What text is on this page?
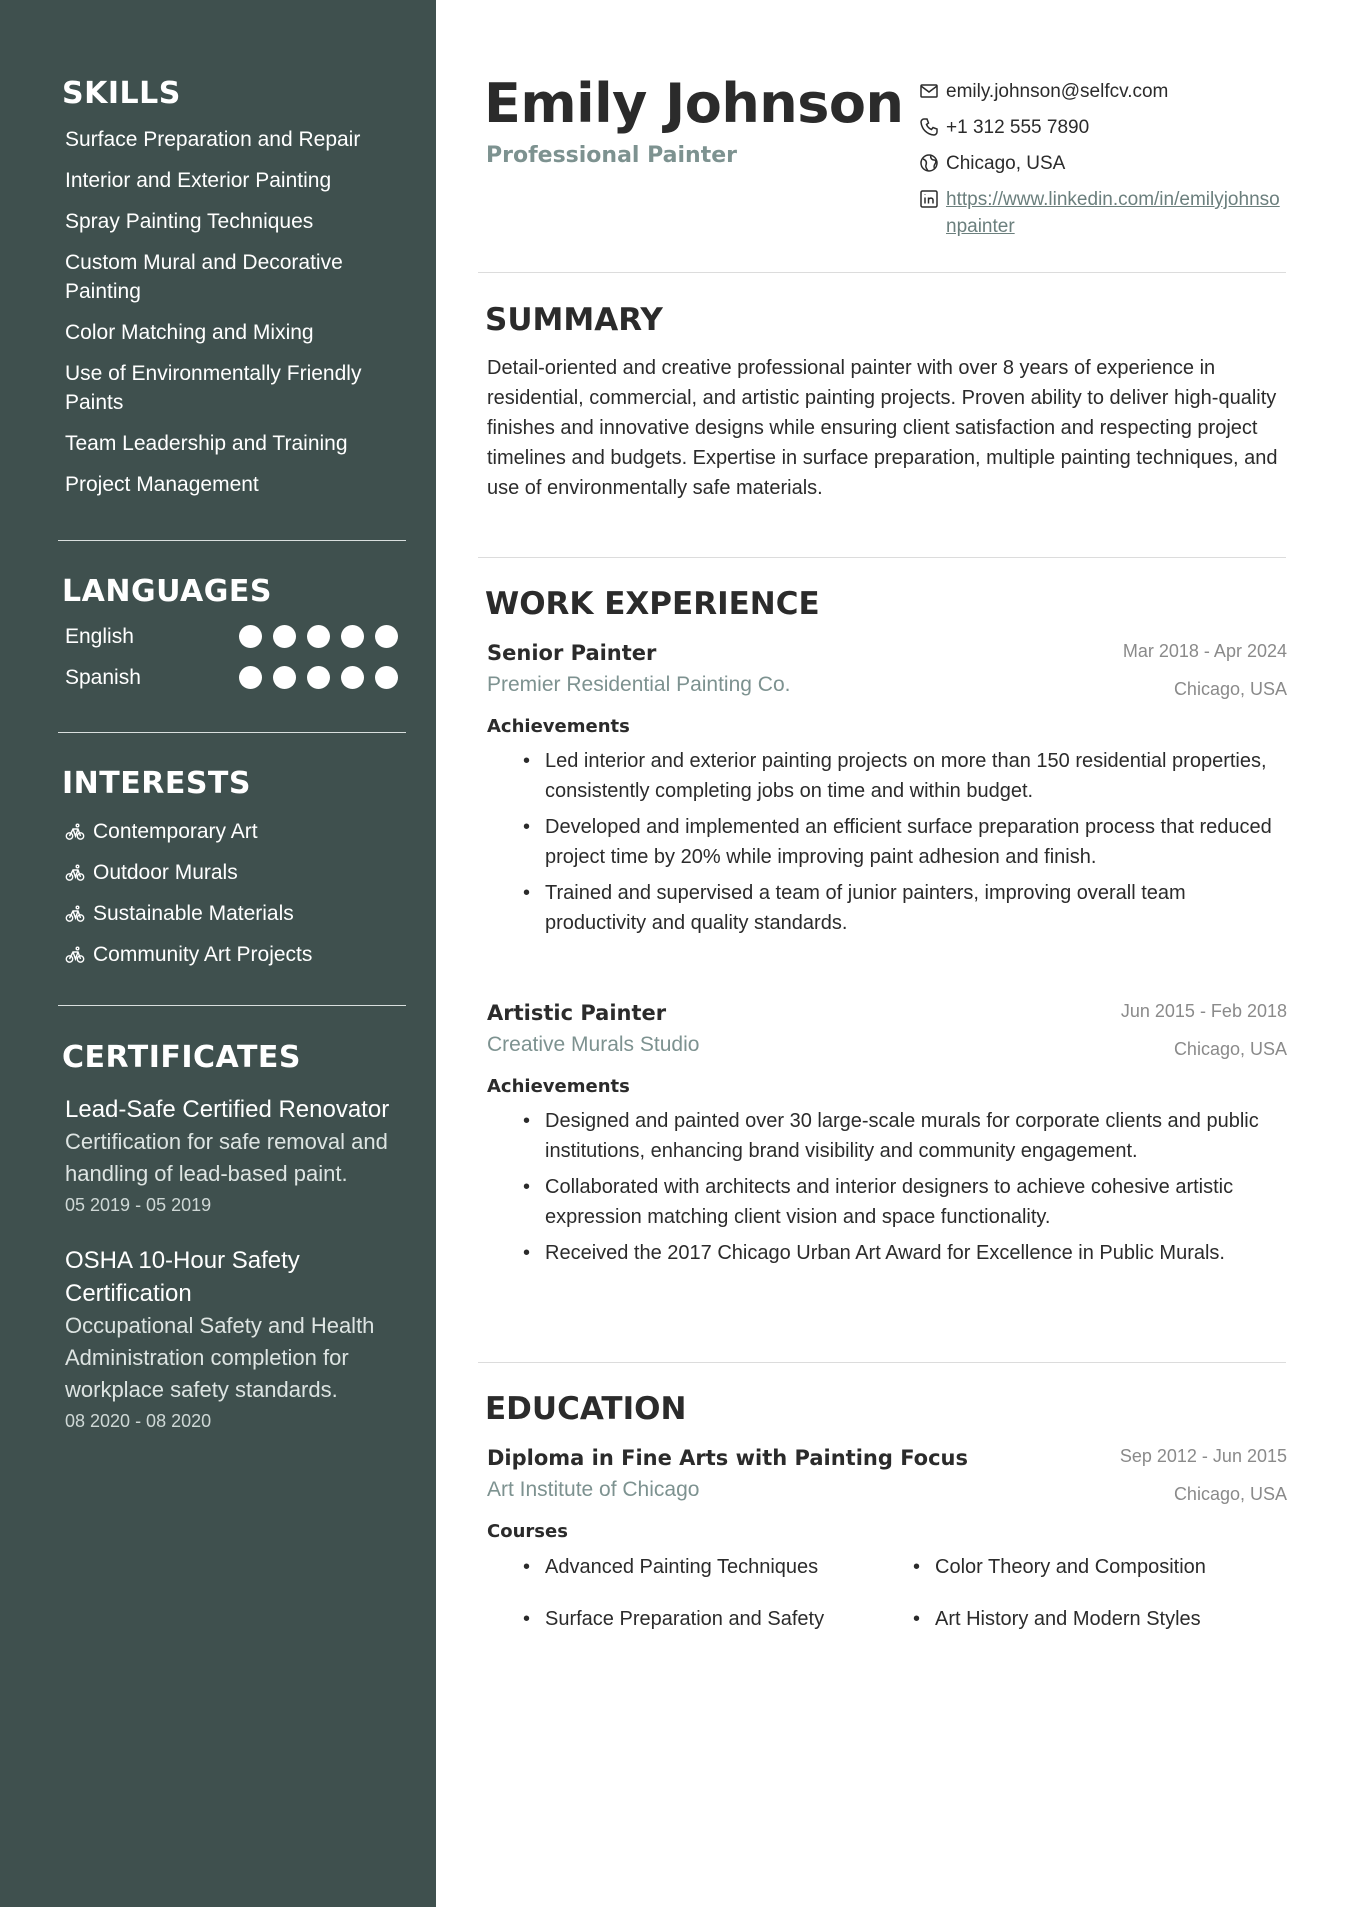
SKILLS
Surface Preparation and Repair
Interior and Exterior Painting
Spray Painting Techniques
Custom Mural and Decorative Painting
Color Matching and Mixing
Use of Environmentally Friendly Paints
Team Leadership and Training
Project Management
LANGUAGES
English
Spanish
INTERESTS
Contemporary Art
Outdoor Murals
Sustainable Materials
Community Art Projects
CERTIFICATES
Lead-Safe Certified Renovator
Certification for safe removal and handling of lead-based paint.
05 2019 - 05 2019
OSHA 10-Hour Safety Certification
Occupational Safety and Health Administration completion for workplace safety standards.
08 2020 - 08 2020
Emily Johnson
Professional Painter
emily.johnson@selfcv.com
+1 312 555 7890
Chicago, USA
https://www.linkedin.com/in/emilyjohnsonpainter
SUMMARY

Detail-oriented and creative professional painter with over 8 years of experience in residential, commercial, and artistic painting projects. Proven ability to deliver high-quality finishes and innovative designs while ensuring client satisfaction and respecting project timelines and budgets. Expertise in surface preparation, multiple painting techniques, and use of environmentally safe materials.

WORK EXPERIENCE
Senior Painter	Mar 2018 - Apr 2024
Premier Residential Painting Co.	Chicago, USA
Achievements
• Led interior and exterior painting projects on more than 150 residential properties, consistently completing jobs on time and within budget.
• Developed and implemented an efficient surface preparation process that reduced project time by 20% while improving paint adhesion and finish.
• Trained and supervised a team of junior painters, improving overall team productivity and quality standards.
Artistic Painter	Jun 2015 - Feb 2018
Creative Murals Studio	Chicago, USA
Achievements
• Designed and painted over 30 large-scale murals for corporate clients and public institutions, enhancing brand visibility and community engagement.
• Collaborated with architects and interior designers to achieve cohesive artistic expression matching client vision and space functionality.
• Received the 2017 Chicago Urban Art Award for Excellence in Public Murals.
EDUCATION
Diploma in Fine Arts with Painting Focus	Sep 2012 - Jun 2015
Art Institute of Chicago	Chicago, USA
Courses
• Advanced Painting Techniques	• Color Theory and Composition
• Surface Preparation and Safety	• Art History and Modern Styles
